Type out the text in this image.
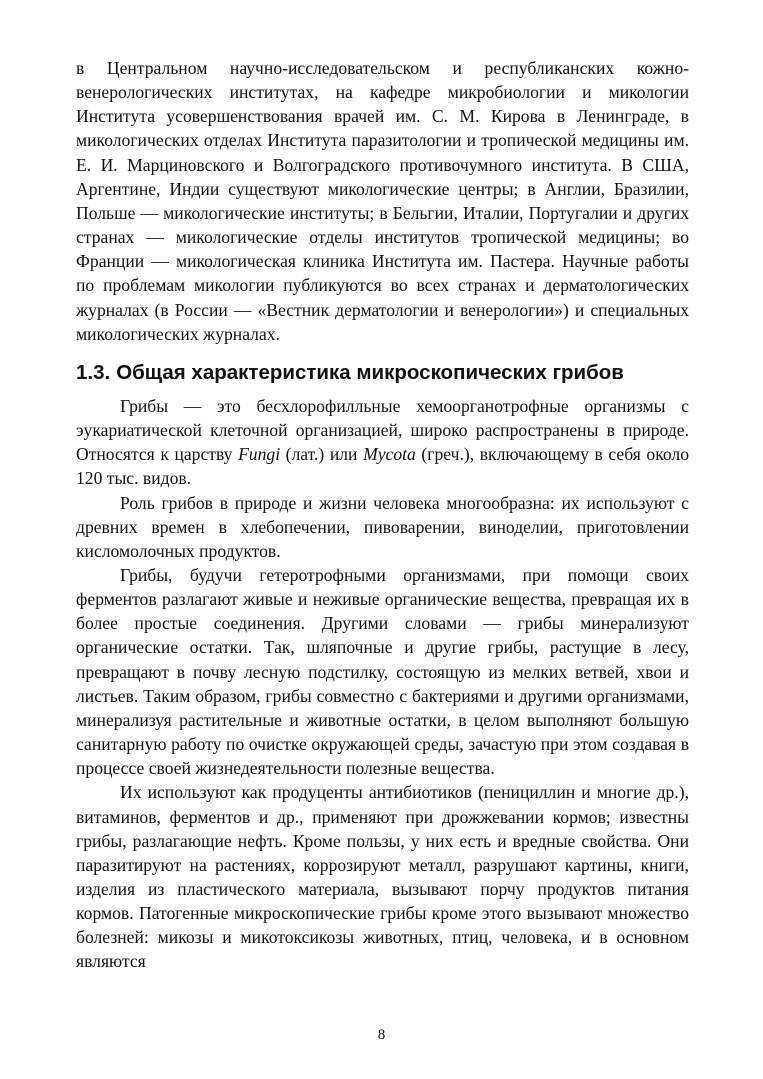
в Центральном научно-исследовательском и республиканских кожно-венерологических институтах, на кафедре микробиологии и микологии Института усовершенствования врачей им. С. М. Кирова в Ленинграде, в микологических отделах Института паразитологии и тропической медицины им. Е. И. Марциновского и Волгоградского противочумного института. В США, Аргентине, Индии существуют микологические центры; в Англии, Бразилии, Польше — микологические институты; в Бельгии, Италии, Португалии и других странах — микологические отделы институтов тропической медицины; во Франции — микологическая клиника Института им. Пастера. Научные работы по проблемам микологии публикуются во всех странах и дерматологических журналах (в России — «Вестник дерматологии и венерологии») и специальных микологических журналах.

1.3. Общая характеристика микроскопических грибов

Грибы — это бесхлорофилльные хемоорганотрофные организмы с эукариатической клеточной организацией, широко распространены в природе. Относятся к царству Fungi (лат.) или Mycota (греч.), включающему в себя около 120 тыс. видов.

Роль грибов в природе и жизни человека многообразна: их используют с древних времен в хлебопечении, пивоварении, виноделии, приготовлении кисломолочных продуктов.

Грибы, будучи гетеротрофными организмами, при помощи своих ферментов разлагают живые и неживые органические вещества, превращая их в более простые соединения. Другими словами — грибы минерализуют органические остатки. Так, шляпочные и другие грибы, растущие в лесу, превращают в почву лесную подстилку, состоящую из мелких ветвей, хвои и листьев. Таким образом, грибы совместно с бактериями и другими организмами, минерализуя растительные и животные остатки, в целом выполняют большую санитарную работу по очистке окружающей среды, зачастую при этом создавая в процессе своей жизнедеятельности полезные вещества.

Их используют как продуценты антибиотиков (пенициллин и многие др.), витаминов, ферментов и др., применяют при дрожжевании кормов; известны грибы, разлагающие нефть. Кроме пользы, у них есть и вредные свойства. Они паразитируют на растениях, коррозируют металл, разрушают картины, книги, изделия из пластического материала, вызывают порчу продуктов питания кормов. Патогенные микроскопические грибы кроме этого вызывают множество болезней: микозы и микотоксикозы животных, птиц, человека, и в основном являются

8
